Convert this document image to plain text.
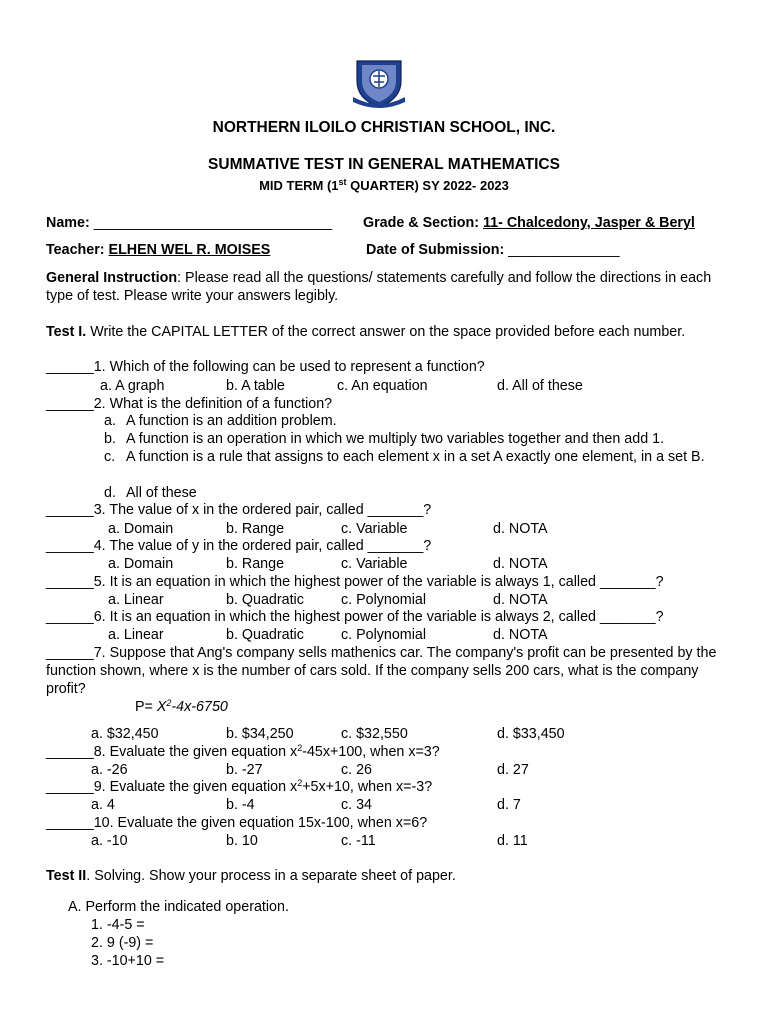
NORTHERN ILOILO CHRISTIAN SCHOOL, INC.
SUMMATIVE TEST IN GENERAL MATHEMATICS
MID TERM (1st QUARTER) SY 2022- 2023
Name: ______________________________ Grade & Section: 11- Chalcedony, Jasper & Beryl
Teacher: ELHEN WEL R. MOISES	Date of Submission: ______________
General Instruction: Please read all the questions/ statements carefully and follow the directions in each type of test. Please write your answers legibly.
Test I. Write the CAPITAL LETTER of the correct answer on the space provided before each number.
______1. Which of the following can be used to represent a function?
a. A graph	b. A table	c. An equation	d. All of these
______2. What is the definition of a function?
a. A function is an addition problem.
b. A function is an operation in which we multiply two variables together and then add 1.
c. A function is a rule that assigns to each element x in a set A exactly one element, in a set B.
d. All of these
______3. The value of x in the ordered pair, called _______?
a. Domain	b. Range	c. Variable	d. NOTA
______4. The value of y in the ordered pair, called _______?
a. Domain	b. Range	c. Variable	d. NOTA
______5. It is an equation in which the highest power of the variable is always 1, called _______?
a. Linear	b. Quadratic	c. Polynomial	d. NOTA
______6. It is an equation in which the highest power of the variable is always 2, called _______?
a. Linear	b. Quadratic	c. Polynomial	d. NOTA
______7. Suppose that Ang's company sells mathenics car. The company's profit can be presented by the function shown, where x is the number of cars sold. If the company sells 200 cars, what is the company profit?
$P= X^2-4x-6750$
a. $32,450	b. $34,250	c. $32,550	d. $33,450
______8. Evaluate the given equation $x^2-45x+100$, when x=3?
a. -26	b. -27	c. 26	d. 27
______9. Evaluate the given equation $x^2+5x+10$, when x=-3?
a. 4	b. -4	c. 34	d. 7
______10. Evaluate the given equation 15x-100, when x=6?
a. -10	b. 10	c. -11	d. 11
Test II. Solving. Show your process in a separate sheet of paper.
A. Perform the indicated operation.
1. -4-5 =
2. 9 (-9) =
3. -10+10 =
